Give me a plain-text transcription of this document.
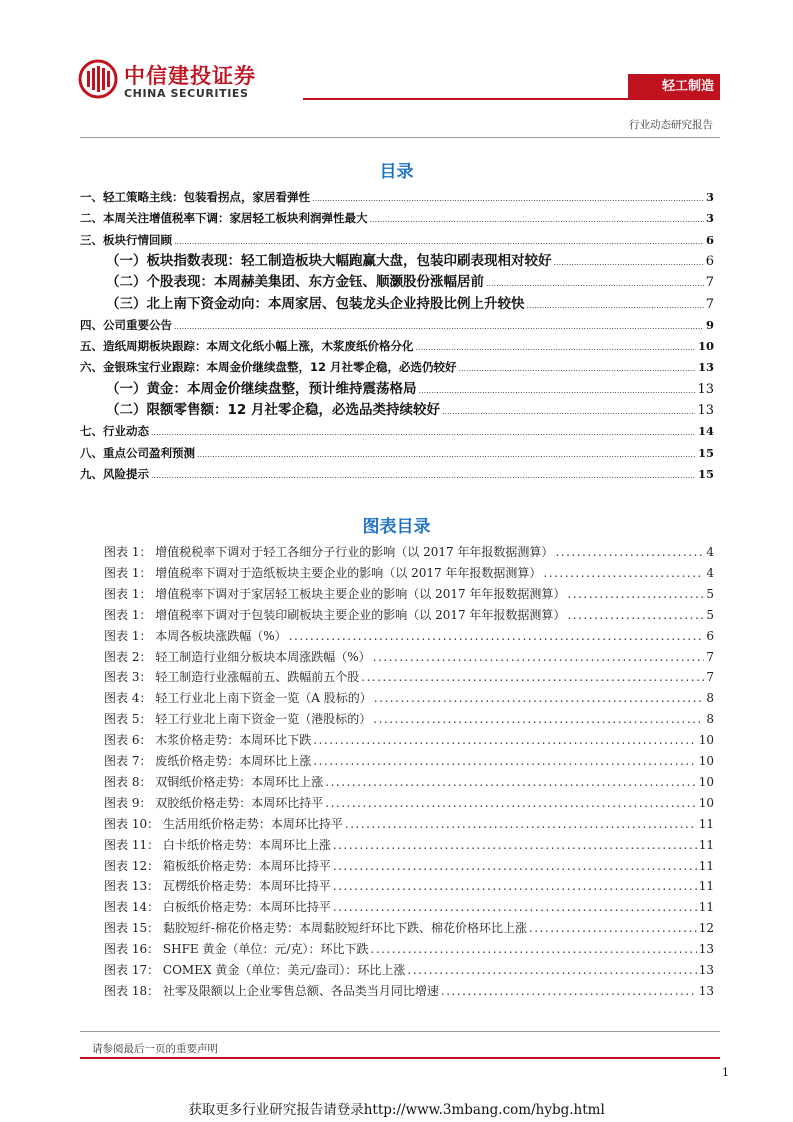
中信建投证券
CHINA SECURITIES	轻工制造
行业动态研究报告
目录
一、轻工策略主线：包装看拐点，家居看弹性 .....	3
二、本周关注增值税率下调：家居轻工板块利润弹性最大 .....	3
三、板块行情回顾 .....	6
（一）板块指数表现：轻工制造板块大幅跑赢大盘，包装印刷表现相对较好 .....	6
（二）个股表现：本周赫美集团、东方金钰、顺灏股份涨幅居前 .....	7
（三）北上南下资金动向：本周家居、包装龙头企业持股比例上升较快 .....	7
四、公司重要公告 .....	9
五、造纸周期板块跟踪：本周文化纸小幅上涨，木浆废纸价格分化 .....	10
六、金银珠宝行业跟踪：本周金价继续盘整，12 月社零企稳，必选仍较好 .....	13
（一）黄金：本周金价继续盘整，预计维持震荡格局 .....	13
（二）限额零售额：12 月社零企稳，必选品类持续较好 .....	13
七、行业动态 .....	14
八、重点公司盈利预测 .....	15
九、风险提示 .....	15
图表目录
图表 1： 增值税税率下调对于轻工各细分子行业的影响（以 2017 年年报数据测算） .....	4
图表 1： 增值税率下调对于造纸板块主要企业的影响（以 2017 年年报数据测算） .....	4
图表 1： 增值税率下调对于家居轻工板块主要企业的影响（以 2017 年年报数据测算） .....	5
图表 1： 增值税率下调对于包装印刷板块主要企业的影响（以 2017 年年报数据测算） .....	5
图表 1： 本周各板块涨跌幅（%） .....	6
图表 2： 轻工制造行业细分板块本周涨跌幅（%） .....	7
图表 3： 轻工制造行业涨幅前五、跌幅前五个股 .....	7
图表 4： 轻工行业北上南下资金一览（A 股标的） .....	8
图表 5： 轻工行业北上南下资金一览（港股标的） .....	8
图表 6： 木浆价格走势：本周环比下跌 .....	10
图表 7： 废纸价格走势：本周环比上涨 .....	10
图表 8： 双铜纸价格走势：本周环比上涨 .....	10
图表 9： 双胶纸价格走势：本周环比持平 .....	10
图表 10： 生活用纸价格走势：本周环比持平 .....	11
图表 11： 白卡纸价格走势：本周环比上涨 .....	11
图表 12： 箱板纸价格走势：本周环比持平 .....	11
图表 13： 瓦楞纸价格走势：本周环比持平 .....	11
图表 14： 白板纸价格走势：本周环比持平 .....	11
图表 15： 黏胶短纤-棉花价格走势：本周黏胶短纤环比下跌、棉花价格环比上涨 .....	12
图表 16： SHFE 黄金（单位：元/克）：环比下跌 .....	13
图表 17： COMEX 黄金（单位：美元/盎司）：环比上涨 .....	13
图表 18： 社零及限额以上企业零售总额、各品类当月同比增速 .....	13
请参阅最后一页的重要声明
1
获取更多行业研究报告请登录http://www.3mbang.com/hybg.html
